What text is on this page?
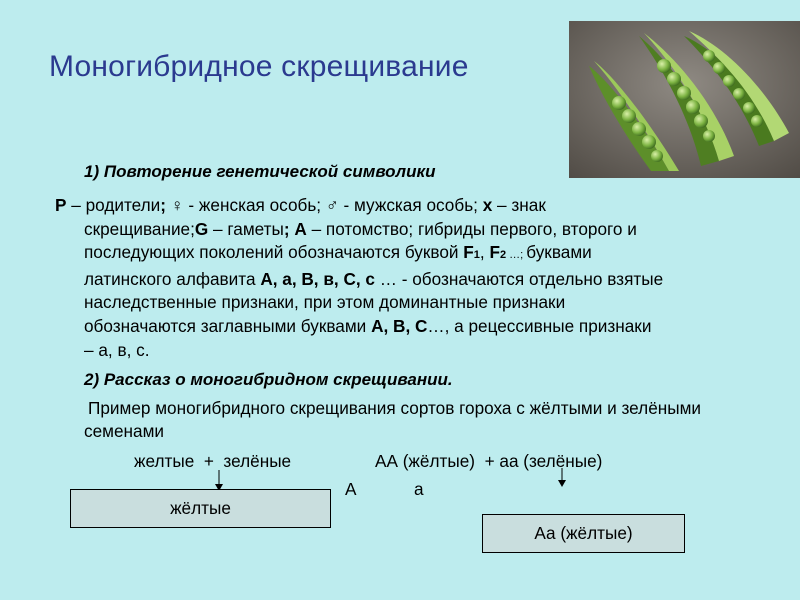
Моногибридное скрещивание
1) Повторение генетической символики
Р – родители; ♀ - женская особь; ♂ - мужская особь; х – знак
скрещивание;G – гаметы; А – потомство; гибриды первого, второго и
последующих поколений обозначаются буквой F1, F2 …; буквами
латинского алфавита А, а, В, в, С, с … - обозначаются отдельно взятые
наследственные признаки, при этом доминантные признаки
обозначаются заглавными буквами А, В, С…, а рецессивные признаки
– а, в, с.
2) Рассказ о моногибридном скрещивании.
Пример моногибридного скрещивания сортов гороха с жёлтыми и зелёными семенами
желтые  +  зелёные	АА (жёлтые)  + аа (зелёные)
А	а
жёлтые
Аа (жёлтые)
